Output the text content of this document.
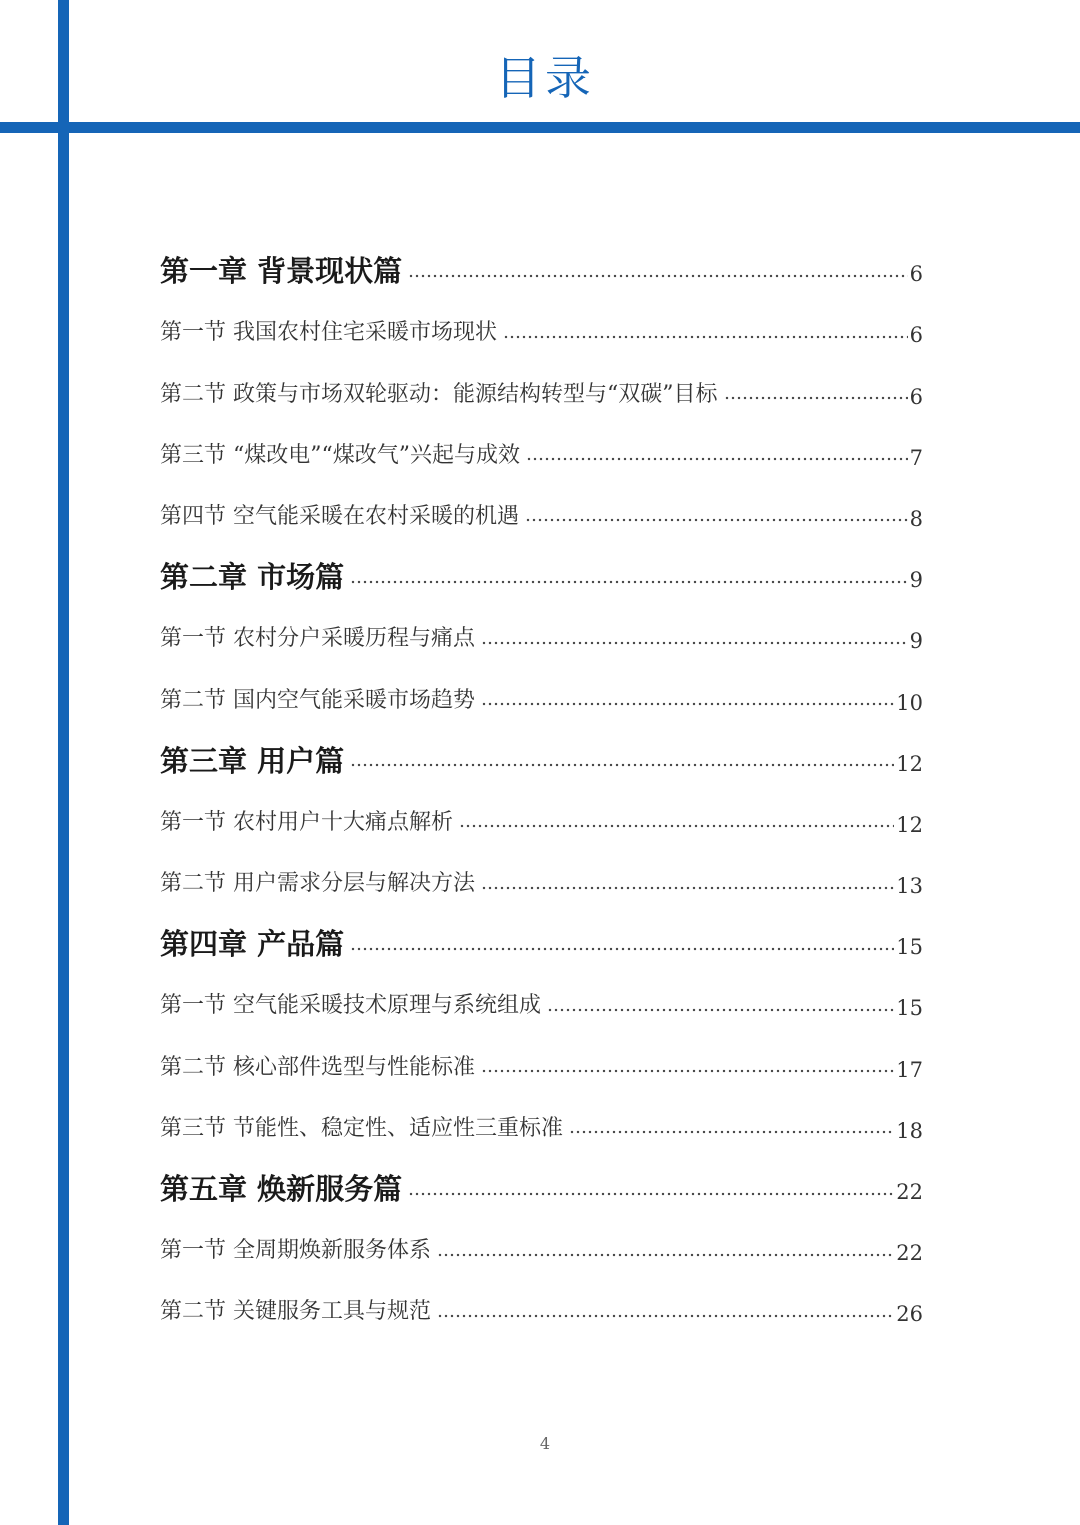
目录
第一章 背景现状篇	6
第一节 我国农村住宅采暖市场现状	6
第二节 政策与市场双轮驱动：能源结构转型与“双碳”目标	6
第三节 “煤改电”“煤改气”兴起与成效	7
第四节 空气能采暖在农村采暖的机遇	8
第二章 市场篇	9
第一节 农村分户采暖历程与痛点	9
第二节 国内空气能采暖市场趋势	10
第三章 用户篇	12
第一节 农村用户十大痛点解析	12
第二节 用户需求分层与解决方法	13
第四章 产品篇	15
第一节 空气能采暖技术原理与系统组成	15
第二节 核心部件选型与性能标准	17
第三节 节能性、稳定性、适应性三重标准	18
第五章 焕新服务篇	22
第一节 全周期焕新服务体系	22
第二节 关键服务工具与规范	26
4
